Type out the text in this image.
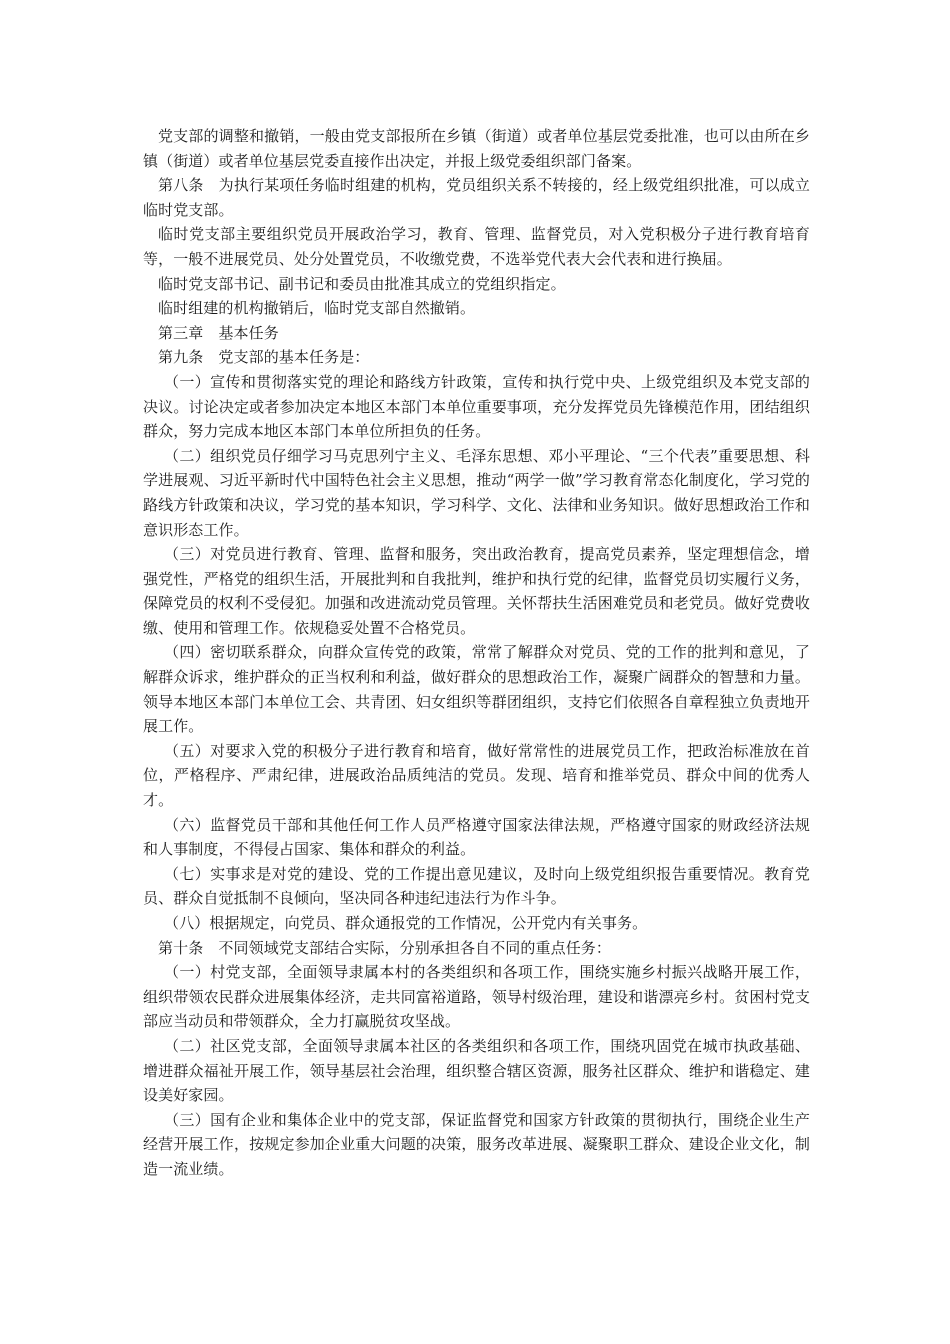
党支部的调整和撤销，一般由党支部报所在乡镇（街道）或者单位基层党委批准，也可以由所在乡镇（街道）或者单位基层党委直接作出决定，并报上级党委组织部门备案。

第八条　为执行某项任务临时组建的机构，党员组织关系不转接的，经上级党组织批准，可以成立临时党支部。

临时党支部主要组织党员开展政治学习，教育、管理、监督党员，对入党积极分子进行教育培育等，一般不进展党员、处分处置党员，不收缴党费，不选举党代表大会代表和进行换届。

临时党支部书记、副书记和委员由批准其成立的党组织指定。

临时组建的机构撤销后，临时党支部自然撤销。

第三章　基本任务

第九条　党支部的基本任务是：

（一）宣传和贯彻落实党的理论和路线方针政策，宣传和执行党中央、上级党组织及本党支部的决议。讨论决定或者参加决定本地区本部门本单位重要事项，充分发挥党员先锋模范作用，团结组织群众，努力完成本地区本部门本单位所担负的任务。

（二）组织党员仔细学习马克思列宁主义、毛泽东思想、邓小平理论、“三个代表”重要思想、科学进展观、习近平新时代中国特色社会主义思想，推动“两学一做”学习教育常态化制度化，学习党的路线方针政策和决议，学习党的基本知识，学习科学、文化、法律和业务知识。做好思想政治工作和意识形态工作。

（三）对党员进行教育、管理、监督和服务，突出政治教育，提高党员素养，坚定理想信念，增强党性，严格党的组织生活，开展批判和自我批判，维护和执行党的纪律，监督党员切实履行义务，保障党员的权利不受侵犯。加强和改进流动党员管理。关怀帮扶生活困难党员和老党员。做好党费收缴、使用和管理工作。依规稳妥处置不合格党员。

（四）密切联系群众，向群众宣传党的政策，常常了解群众对党员、党的工作的批判和意见，了解群众诉求，维护群众的正当权利和利益，做好群众的思想政治工作，凝聚广阔群众的智慧和力量。领导本地区本部门本单位工会、共青团、妇女组织等群团组织，支持它们依照各自章程独立负责地开展工作。

（五）对要求入党的积极分子进行教育和培育，做好常常性的进展党员工作，把政治标准放在首位，严格程序、严肃纪律，进展政治品质纯洁的党员。发现、培育和推举党员、群众中间的优秀人才。

（六）监督党员干部和其他任何工作人员严格遵守国家法律法规，严格遵守国家的财政经济法规和人事制度，不得侵占国家、集体和群众的利益。

（七）实事求是对党的建设、党的工作提出意见建议，及时向上级党组织报告重要情况。教育党员、群众自觉抵制不良倾向，坚决同各种违纪违法行为作斗争。

（八）根据规定，向党员、群众通报党的工作情况，公开党内有关事务。

第十条　不同领域党支部结合实际，分别承担各自不同的重点任务：

（一）村党支部，全面领导隶属本村的各类组织和各项工作，围绕实施乡村振兴战略开展工作，组织带领农民群众进展集体经济，走共同富裕道路，领导村级治理，建设和谐漂亮乡村。贫困村党支部应当动员和带领群众，全力打赢脱贫攻坚战。

（二）社区党支部，全面领导隶属本社区的各类组织和各项工作，围绕巩固党在城市执政基础、增进群众福祉开展工作，领导基层社会治理，组织整合辖区资源，服务社区群众、维护和谐稳定、建设美好家园。

（三）国有企业和集体企业中的党支部，保证监督党和国家方针政策的贯彻执行，围绕企业生产经营开展工作，按规定参加企业重大问题的决策，服务改革进展、凝聚职工群众、建设企业文化，制造一流业绩。
